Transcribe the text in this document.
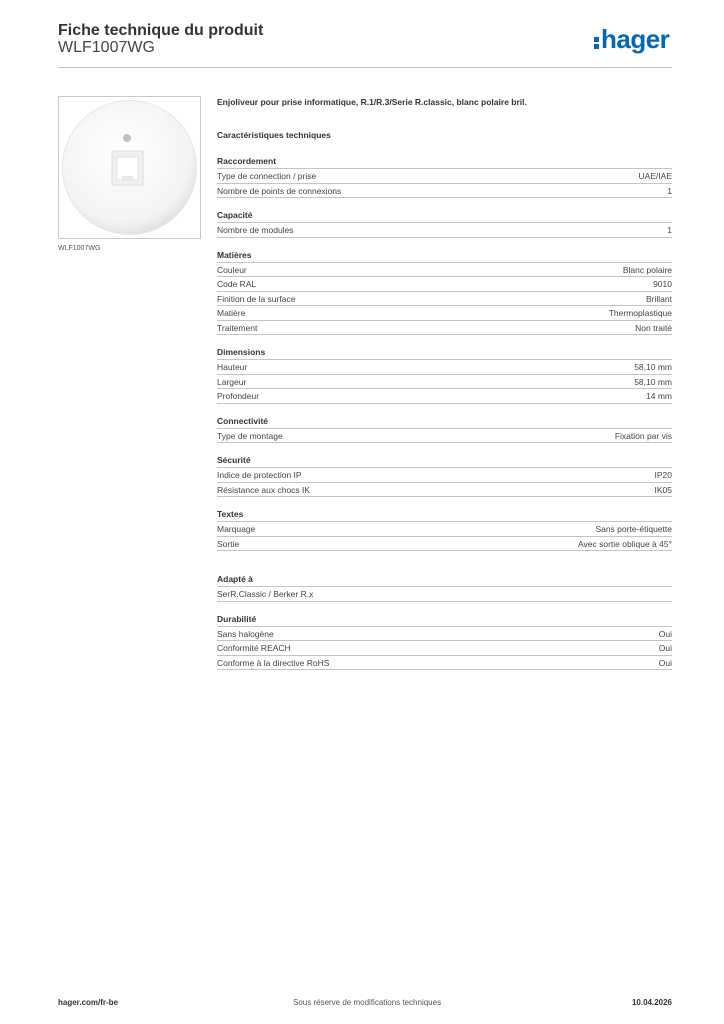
Fiche technique du produit
WLF1007WG	hager
WLF1007WG
Enjoliveur pour prise informatique, R.1/R.3/Serie R.classic, blanc polaire bril.
Caractéristiques techniques
Raccordement
Type de connection / prise	UAE/IAE
Nombre de points de connexions	1
Capacité
Nombre de modules	1
Matières
Couleur	Blanc polaire
Code RAL	9010
Finition de la surface	Brillant
Matière	Thermoplastique
Traitement	Non traité
Dimensions
Hauteur	58,10 mm
Largeur	58,10 mm
Profondeur	14 mm
Connectivité
Type de montage	Fixation par vis
Sécurité
Indice de protection IP	IP20
Résistance aux chocs IK	IK05
Textes
Marquage	Sans porte-étiquette
Sortie	Avec sortie oblique à 45°
Adapté à
SerR.Classic / Berker R.x
Durabilité
Sans halogène	Oui
Conformité REACH	Oui
Conforme à la directive RoHS	Oui
hager.com/fr-be	Sous réserve de modifications techniques	10.04.2026
